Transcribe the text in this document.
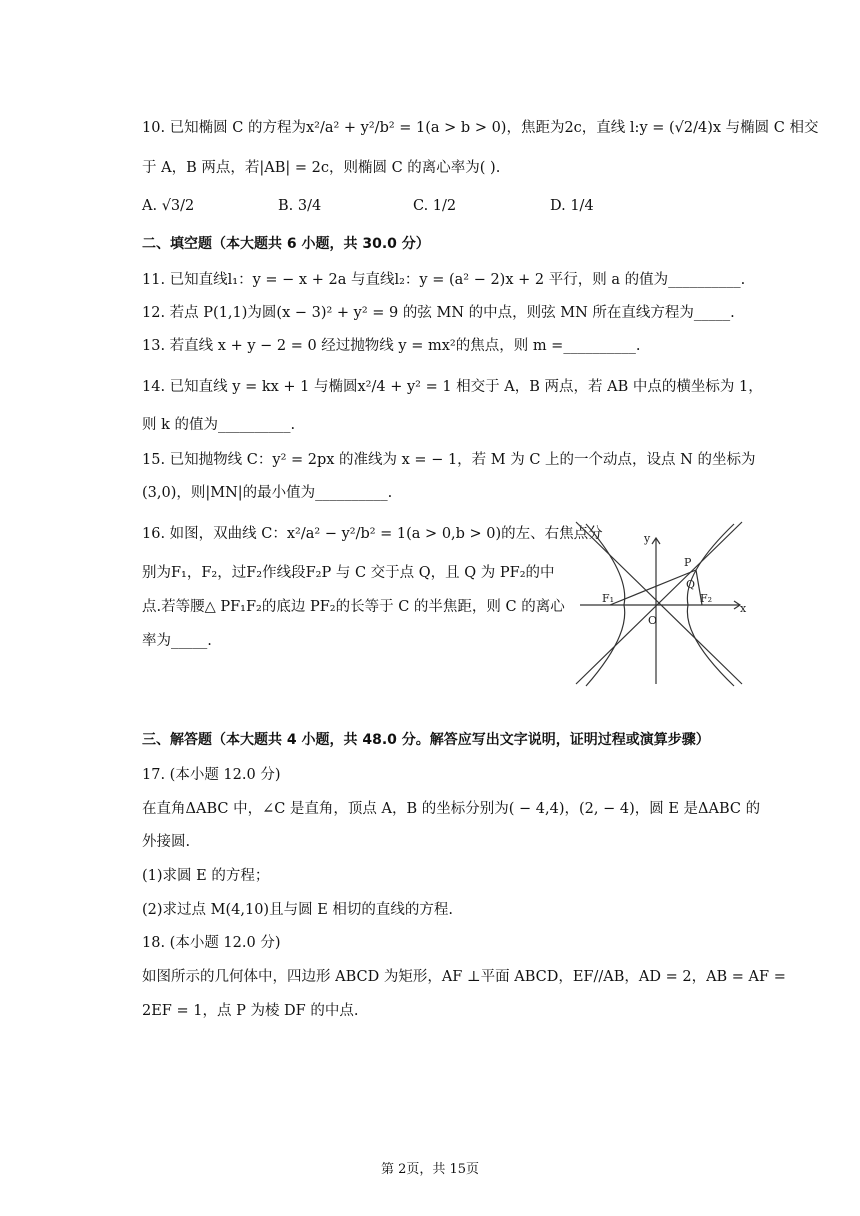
10. 已知椭圆 C 的方程为x²/a² + y²/b² = 1(a > b > 0)，焦距为2c，直线 l:y = (√2/4)x 与椭圆 C 相交
于 A，B 两点，若|AB| = 2c，则椭圆 C 的离心率为( ).
A. √3/2	B. 3/4	C. 1/2	D. 1/4
二、填空题（本大题共 6 小题，共 30.0 分）
11. 已知直线l₁：y = − x + 2a 与直线l₂：y = (a² − 2)x + 2 平行，则 a 的值为__________.
12. 若点 P(1,1)为圆(x − 3)² + y² = 9 的弦 MN 的中点，则弦 MN 所在直线方程为_____.
13. 若直线 x + y − 2 = 0 经过抛物线 y = mx²的焦点，则 m =__________.
14. 已知直线 y = kx + 1 与椭圆x²/4 + y² = 1 相交于 A，B 两点，若 AB 中点的横坐标为 1，
则 k 的值为__________.
15. 已知抛物线 C：y² = 2px 的准线为 x = − 1，若 M 为 C 上的一个动点，设点 N 的坐标为
(3,0)，则|MN|的最小值为__________.
16. 如图，双曲线 C：x²/a² − y²/b² = 1(a > 0,b > 0)的左、右焦点分
别为F₁，F₂，过F₂作线段F₂P 与 C 交于点 Q，且 Q 为 PF₂的中
点.若等腰△ PF₁F₂的底边 PF₂的长等于 C 的半焦距，则 C 的离心
率为_____.
y
x
P
Q
F₁	F₂
O
三、解答题（本大题共 4 小题，共 48.0 分。解答应写出文字说明，证明过程或演算步骤）
17. (本小题 12.0 分)
在直角ΔABC 中，∠C 是直角，顶点 A，B 的坐标分别为( − 4,4)，(2, − 4)，圆 E 是ΔABC 的
外接圆.
(1)求圆 E 的方程；
(2)求过点 M(4,10)且与圆 E 相切的直线的方程.
18. (本小题 12.0 分)
如图所示的几何体中，四边形 ABCD 为矩形，AF ⊥平面 ABCD，EF//AB，AD = 2，AB = AF =
2EF = 1，点 P 为棱 DF 的中点.
第 2页，共 15页
